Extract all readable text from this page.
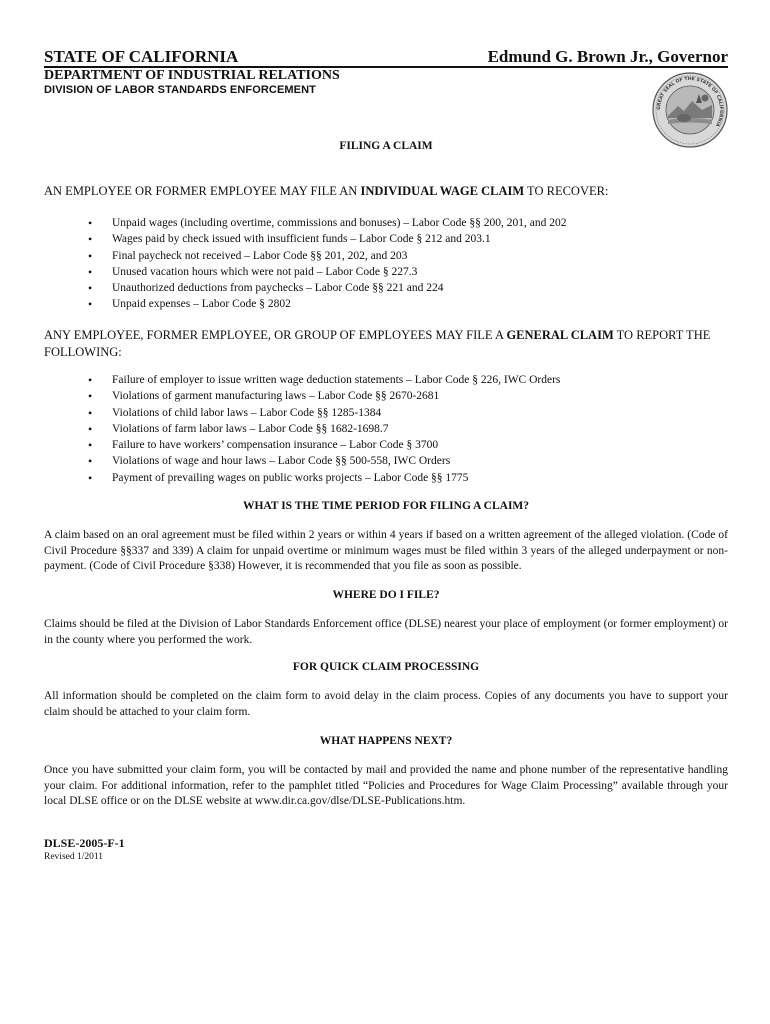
STATE OF CALIFORNIA	Edmund G. Brown Jr., Governor
DEPARTMENT OF INDUSTRIAL RELATIONS
DIVISION OF LABOR STANDARDS ENFORCEMENT
GREAT SEAL OF THE STATE OF CALIFORNIA
FILING A CLAIM
AN EMPLOYEE OR FORMER EMPLOYEE MAY FILE AN INDIVIDUAL WAGE CLAIM TO RECOVER:
• Unpaid wages (including overtime, commissions and bonuses) – Labor Code §§ 200, 201, and 202
• Wages paid by check issued with insufficient funds – Labor Code § 212 and 203.1
• Final paycheck not received – Labor Code §§ 201, 202, and 203
• Unused vacation hours which were not paid – Labor Code § 227.3
• Unauthorized deductions from paychecks – Labor Code §§ 221 and 224
• Unpaid expenses – Labor Code § 2802
ANY EMPLOYEE, FORMER EMPLOYEE, OR GROUP OF EMPLOYEES MAY FILE A GENERAL CLAIM TO REPORT THE FOLLOWING:
• Failure of employer to issue written wage deduction statements – Labor Code § 226, IWC Orders
• Violations of garment manufacturing laws – Labor Code §§ 2670-2681
• Violations of child labor laws – Labor Code §§ 1285-1384
• Violations of farm labor laws – Labor Code §§ 1682-1698.7
• Failure to have workers’ compensation insurance – Labor Code § 3700
• Violations of wage and hour laws – Labor Code §§ 500-558, IWC Orders
• Payment of prevailing wages on public works projects – Labor Code §§ 1775
WHAT IS THE TIME PERIOD FOR FILING A CLAIM?
A claim based on an oral agreement must be filed within 2 years or within 4 years if based on a written agreement of the alleged violation. (Code of Civil Procedure §§337 and 339) A claim for unpaid overtime or minimum wages must be filed within 3 years of the alleged underpayment or non-payment. (Code of Civil Procedure §338) However, it is recommended that you file as soon as possible.
WHERE DO I FILE?
Claims should be filed at the Division of Labor Standards Enforcement office (DLSE) nearest your place of employment (or former employment) or in the county where you performed the work.
FOR QUICK CLAIM PROCESSING
All information should be completed on the claim form to avoid delay in the claim process. Copies of any documents you have to support your claim should be attached to your claim form.
WHAT HAPPENS NEXT?
Once you have submitted your claim form, you will be contacted by mail and provided the name and phone number of the representative handling your claim. For additional information, refer to the pamphlet titled “Policies and Procedures for Wage Claim Processing” available through your local DLSE office or on the DLSE website at www.dir.ca.gov/dlse/DLSE-Publications.htm.
DLSE-2005-F-1
Revised 1/2011
